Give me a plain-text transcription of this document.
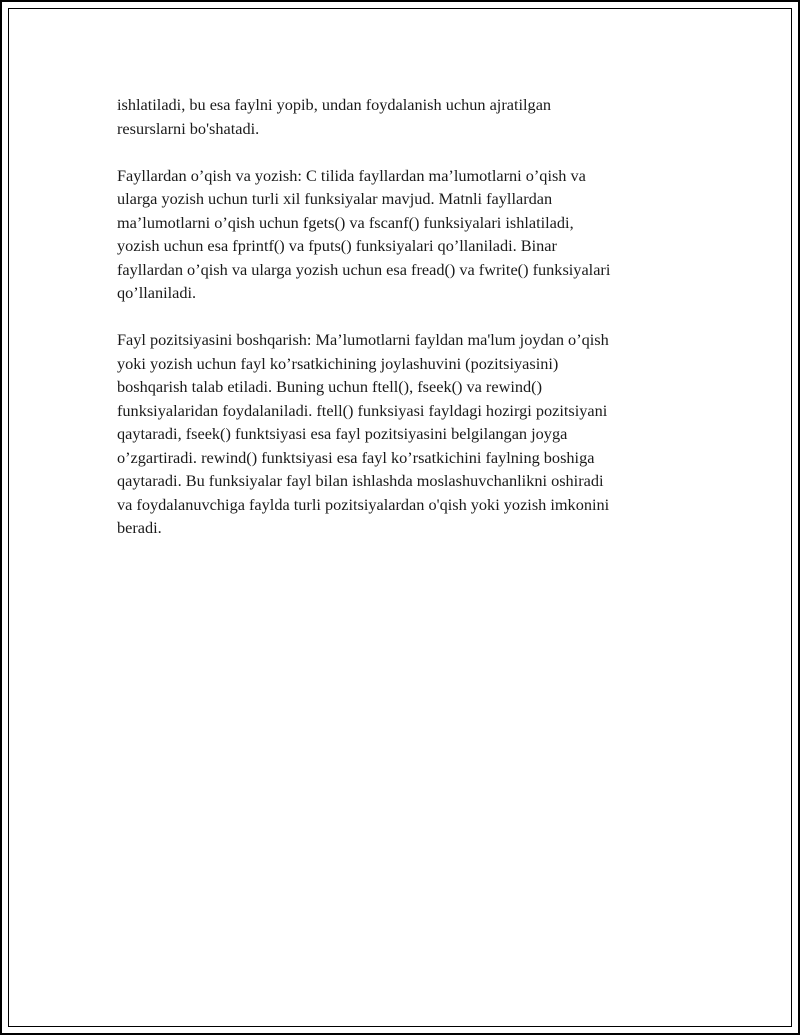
ishlatiladi, bu esa faylni yopib, undan foydalanish uchun ajratilgan
resurslarni bo'shatadi.

Fayllardan o’qish va yozish: C tilida fayllardan ma’lumotlarni o’qish va
ularga yozish uchun turli xil funksiyalar mavjud. Matnli fayllardan
ma’lumotlarni o’qish uchun fgets() va fscanf() funksiyalari ishlatiladi,
yozish uchun esa fprintf() va fputs() funksiyalari qo’llaniladi. Binar
fayllardan o’qish va ularga yozish uchun esa fread() va fwrite() funksiyalari
qo’llaniladi.

Fayl pozitsiyasini boshqarish: Ma’lumotlarni fayldan ma'lum joydan o’qish
yoki yozish uchun fayl ko’rsatkichining joylashuvini (pozitsiyasini)
boshqarish talab etiladi. Buning uchun ftell(), fseek() va rewind()
funksiyalaridan foydalaniladi. ftell() funksiyasi fayldagi hozirgi pozitsiyani
qaytaradi, fseek() funktsiyasi esa fayl pozitsiyasini belgilangan joyga
o’zgartiradi. rewind() funktsiyasi esa fayl ko’rsatkichini faylning boshiga
qaytaradi. Bu funksiyalar fayl bilan ishlashda moslashuvchanlikni oshiradi
va foydalanuvchiga faylda turli pozitsiyalardan o'qish yoki yozish imkonini
beradi.
